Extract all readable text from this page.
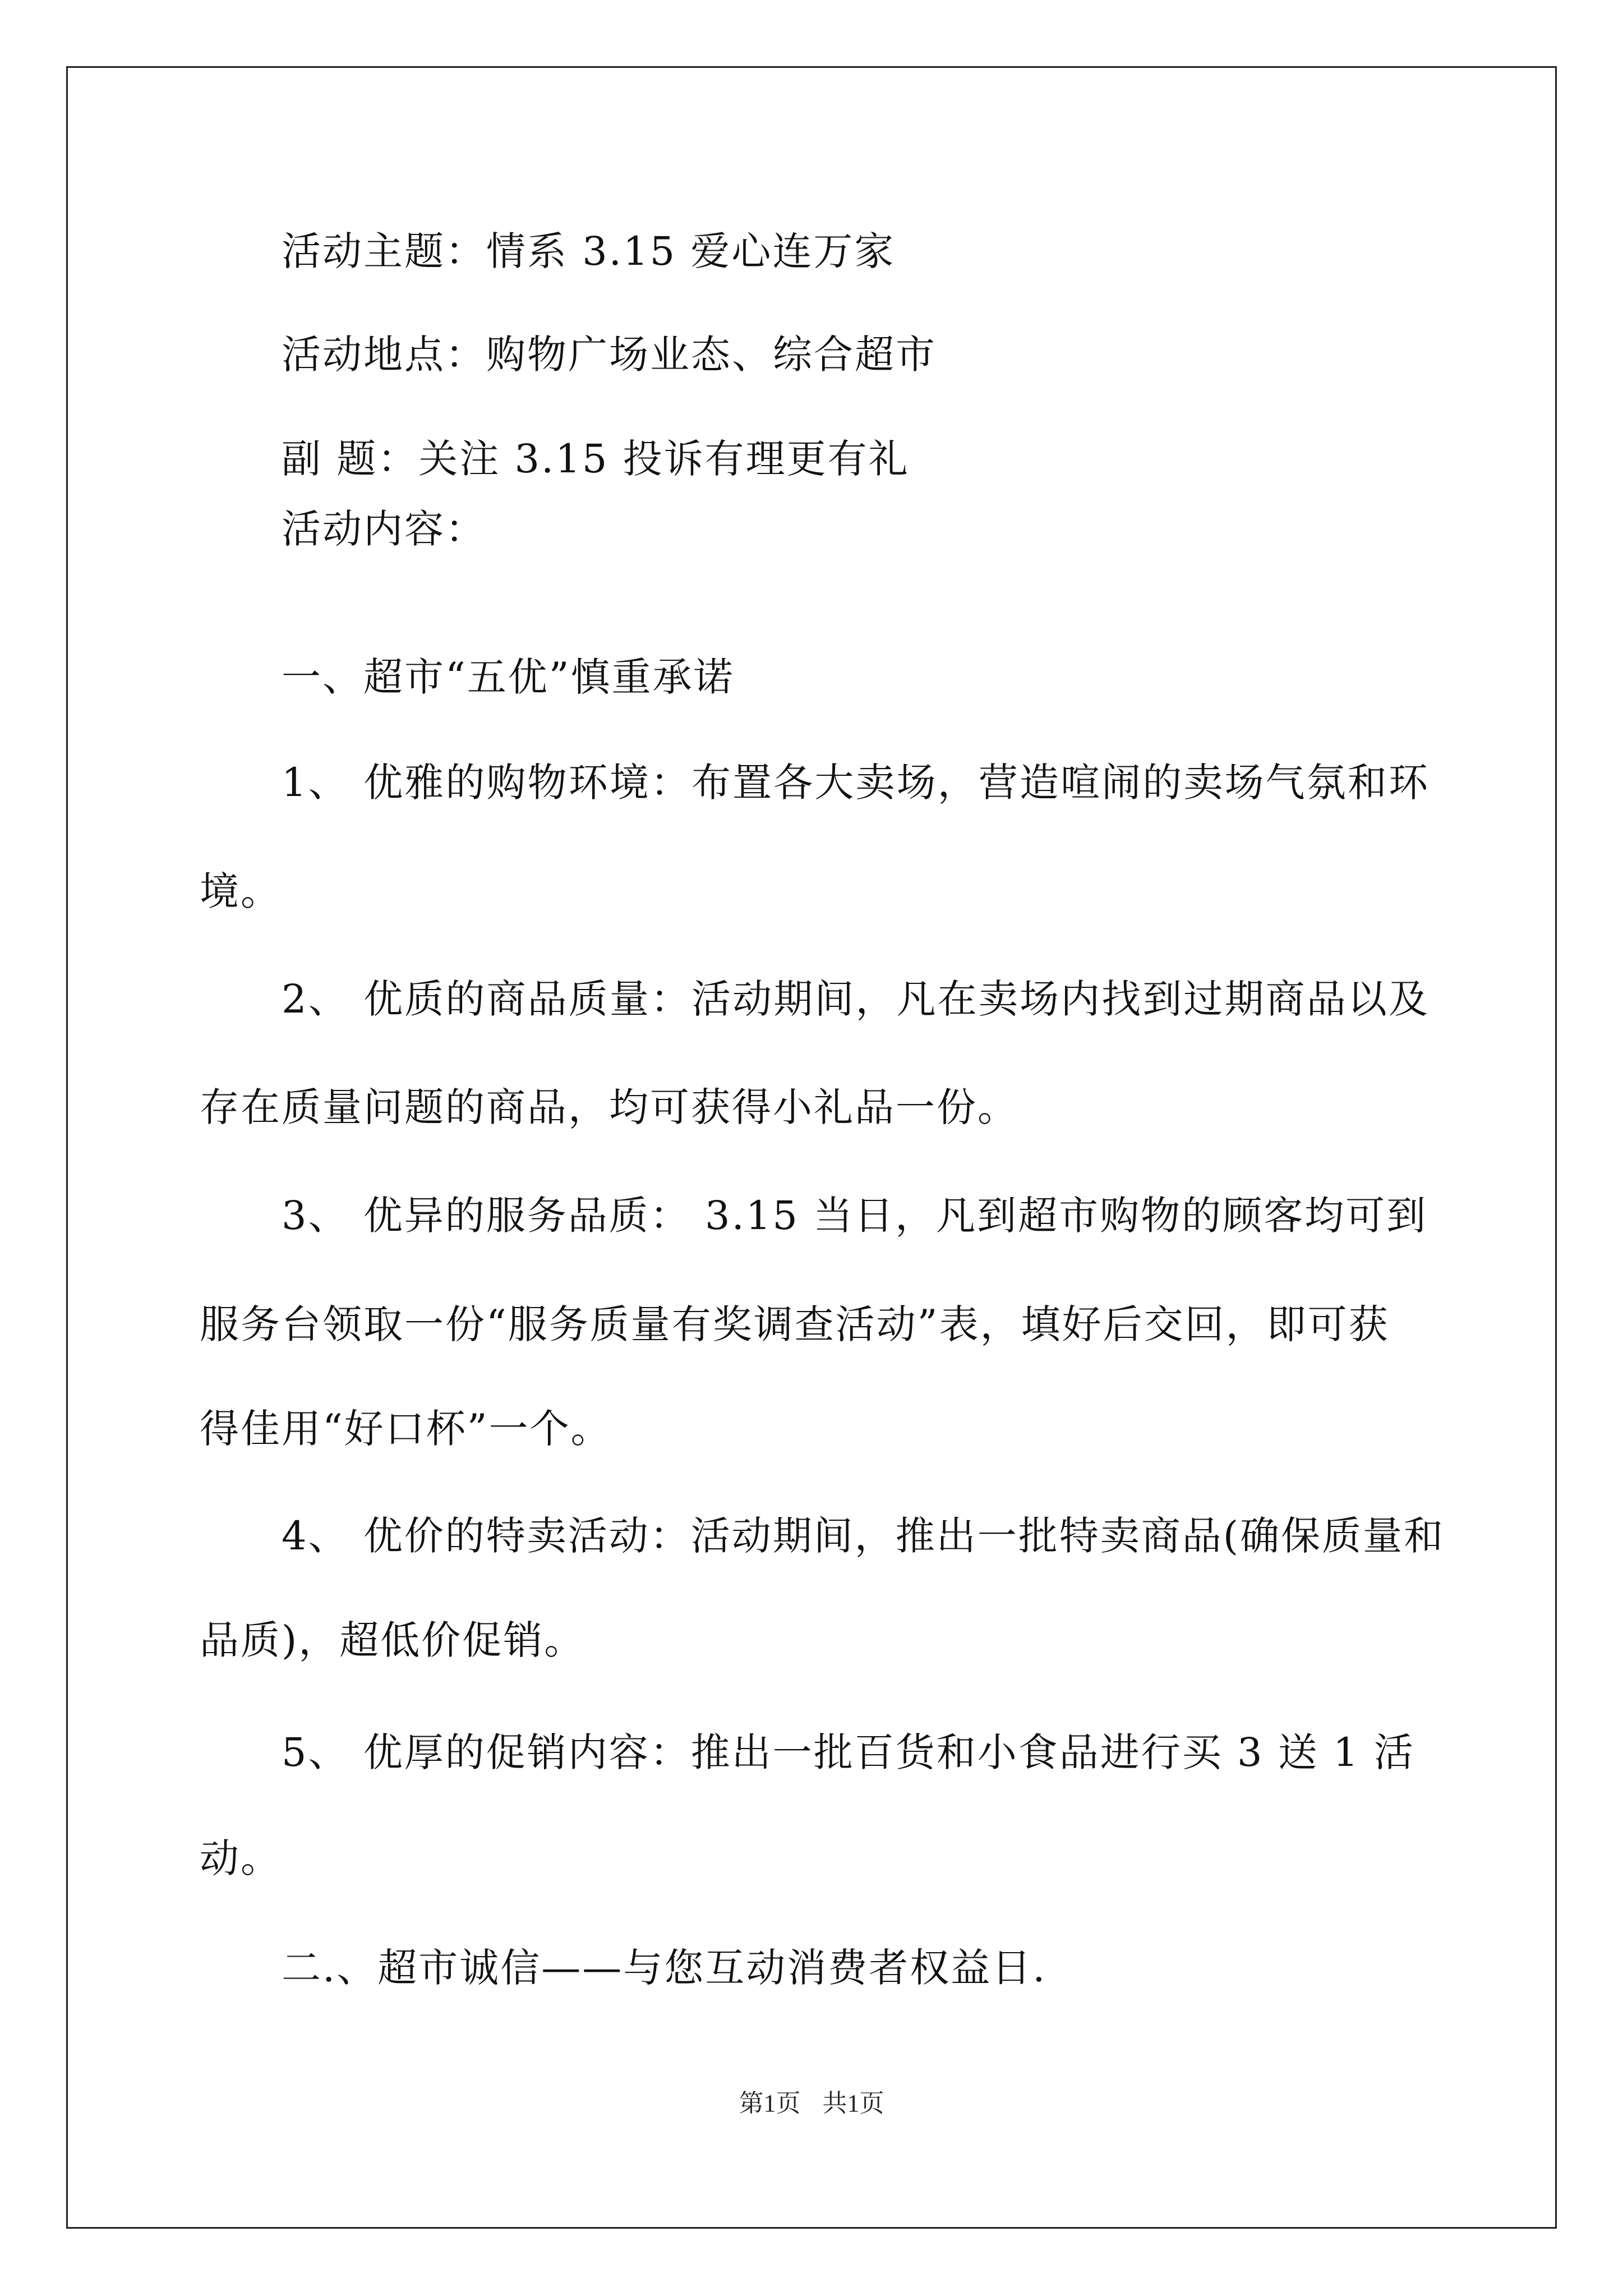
活动主题：情系 3.15 爱心连万家
活动地点：购物广场业态、综合超市
副 题：关注 3.15 投诉有理更有礼
活动内容：
一、超市“五优”慎重承诺
1、 优雅的购物环境：布置各大卖场，营造喧闹的卖场气氛和环
境。
2、 优质的商品质量：活动期间，凡在卖场内找到过期商品以及
存在质量问题的商品，均可获得小礼品一份。
3、 优异的服务品质： 3.15 当日，凡到超市购物的顾客均可到
服务台领取一份“服务质量有奖调查活动”表，填好后交回，即可获
得佳用“好口杯”一个。
4、 优价的特卖活动：活动期间，推出一批特卖商品(确保质量和
品质)，超低价促销。
5、 优厚的促销内容：推出一批百货和小食品进行买 3 送 1 活
动。
二.、超市诚信——与您互动消费者权益日.
第1页 共1页
